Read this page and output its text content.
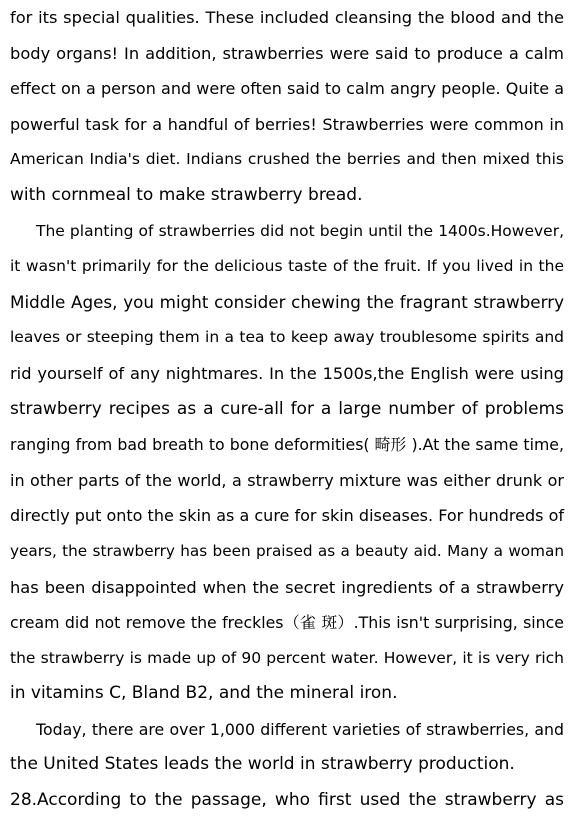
for its special qualities. These included cleansing the blood and the
body organs! In addition, strawberries were said to produce a calm
effect on a person and were often said to calm angry people. Quite a
powerful task for a handful of berries! Strawberries were common in
American India's diet. Indians crushed the berries and then mixed this
with cornmeal to make strawberry bread.
The planting of strawberries did not begin until the 1400s.However,
it wasn't primarily for the delicious taste of the fruit. If you lived in the
Middle Ages, you might consider chewing the fragrant strawberry
leaves or steeping them in a tea to keep away troublesome spirits and
rid yourself of any nightmares. In the 1500s,the English were using
strawberry recipes as a cure-all for a large number of problems
ranging from bad breath to bone deformities( 畸形 ).At the same time,
in other parts of the world, a strawberry mixture was either drunk or
directly put onto the skin as a cure for skin diseases. For hundreds of
years, the strawberry has been praised as a beauty aid. Many a woman
has been disappointed when the secret ingredients of a strawberry
cream did not remove the freckles（雀 斑）.This isn't surprising, since
the strawberry is made up of 90 percent water. However, it is very rich
in vitamins C, Bland B2, and the mineral iron.
Today, there are over 1,000 different varieties of strawberries, and
the United States leads the world in strawberry production.
28.According to the passage, who first used the strawberry as
